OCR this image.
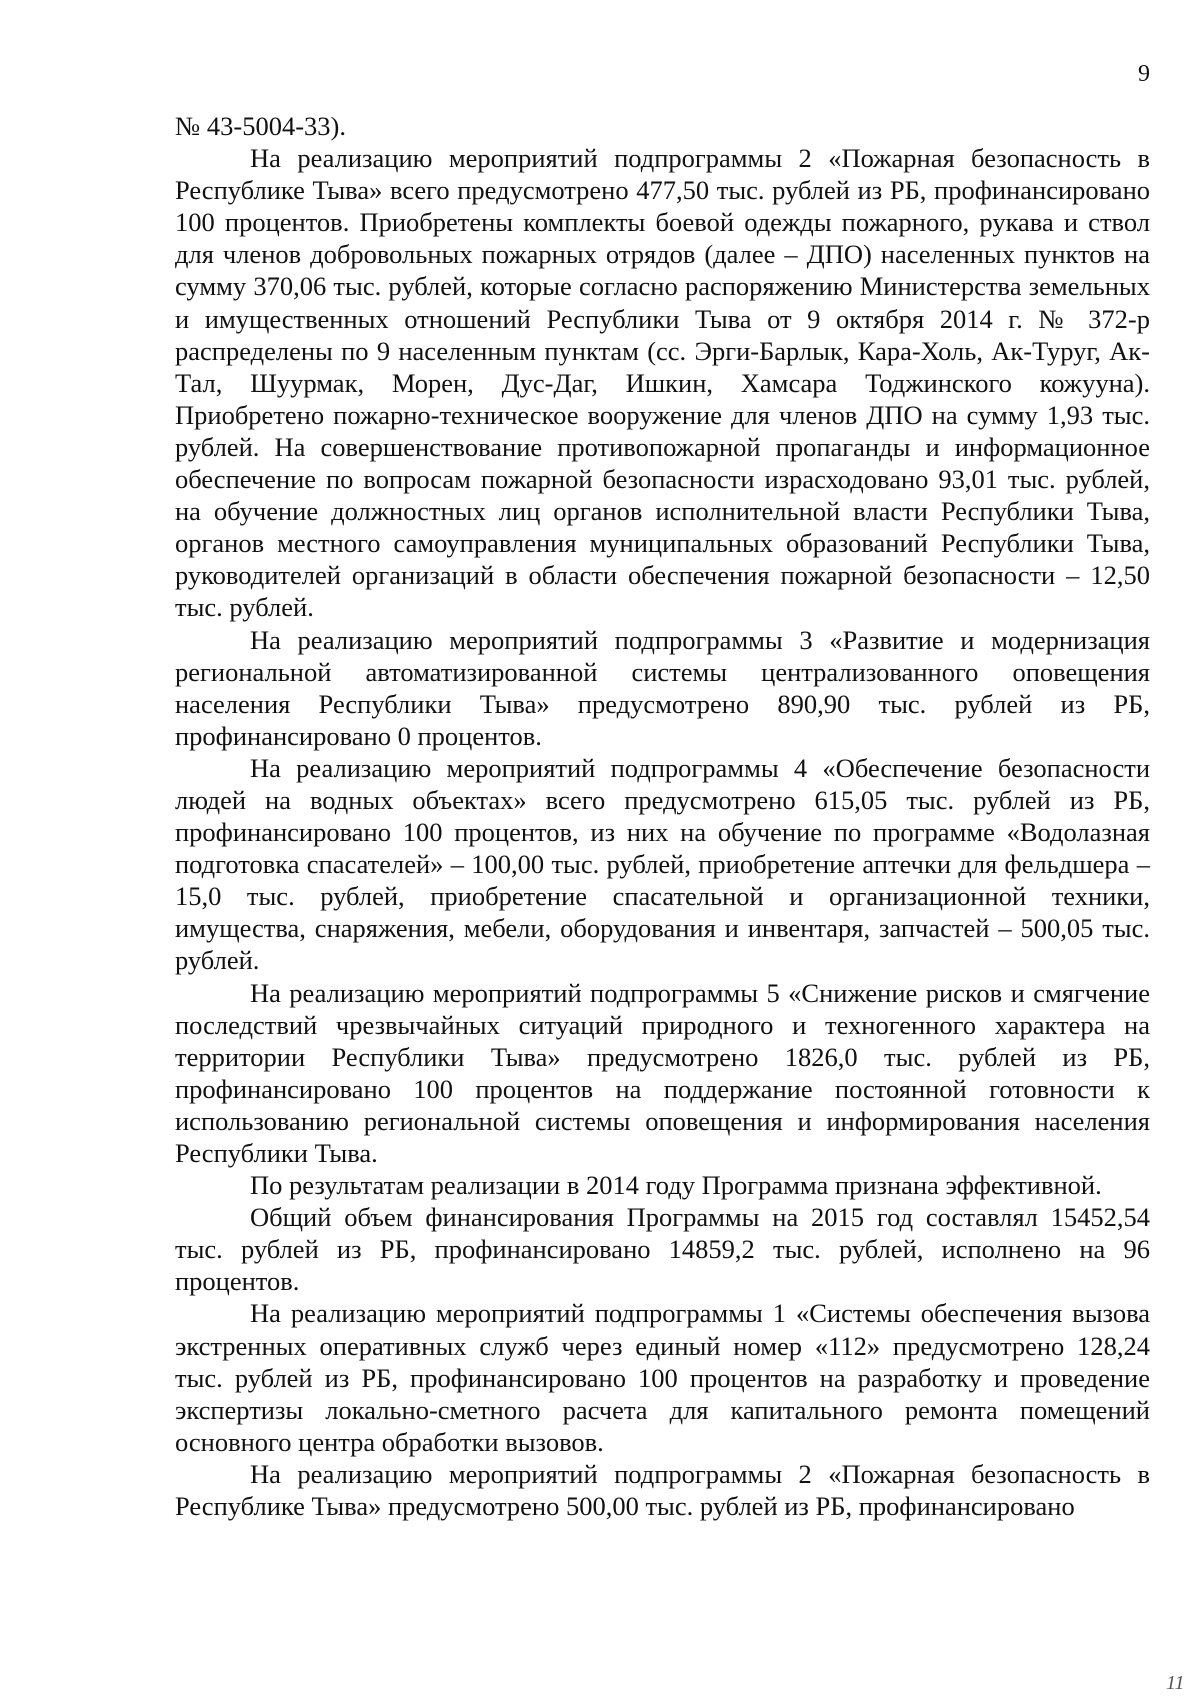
9

№ 43-5004-33).

На реализацию мероприятий подпрограммы 2 «Пожарная безопасность в Республике Тыва» всего предусмотрено 477,50 тыс. рублей из РБ, профинансировано 100 процентов. Приобретены комплекты боевой одежды пожарного, рукава и ствол для членов добровольных пожарных отрядов (далее – ДПО) населенных пунктов на сумму 370,06 тыс. рублей, которые согласно распоряжению Министерства земельных и имущественных отношений Республики Тыва от 9 октября 2014 г. № 372-р распределены по 9 населенным пунктам (сс. Эрги-Барлык, Кара-Холь, Ак-Туруг, Ак-Тал, Шуурмак, Морен, Дус-Даг, Ишкин, Хамсара Тоджинского кожууна). Приобретено пожарно-техническое вооружение для членов ДПО на сумму 1,93 тыс. рублей. На совершенствование противопожарной пропаганды и информационное обеспечение по вопросам пожарной безопасности израсходовано 93,01 тыс. рублей, на обучение должностных лиц органов исполнительной власти Республики Тыва, органов местного самоуправления муниципальных образований Республики Тыва, руководителей организаций в области обеспечения пожарной безопасности – 12,50 тыс. рублей.

На реализацию мероприятий подпрограммы 3 «Развитие и модернизация региональной автоматизированной системы централизованного оповещения населения Республики Тыва» предусмотрено 890,90 тыс. рублей из РБ, профинансировано 0 процентов.

На реализацию мероприятий подпрограммы 4 «Обеспечение безопасности людей на водных объектах» всего предусмотрено 615,05 тыс. рублей из РБ, профинансировано 100 процентов, из них на обучение по программе «Водолазная подготовка спасателей» – 100,00 тыс. рублей, приобретение аптечки для фельдшера – 15,0 тыс. рублей, приобретение спасательной и организационной техники, имущества, снаряжения, мебели, оборудования и инвентаря, запчастей – 500,05 тыс. рублей.

На реализацию мероприятий подпрограммы 5 «Снижение рисков и смягчение последствий чрезвычайных ситуаций природного и техногенного характера на территории Республики Тыва» предусмотрено 1826,0 тыс. рублей из РБ, профинансировано 100 процентов на поддержание постоянной готовности к использованию региональной системы оповещения и информирования населения Республики Тыва.

По результатам реализации в 2014 году Программа признана эффективной.

Общий объем финансирования Программы на 2015 год составлял 15452,54 тыс. рублей из РБ, профинансировано 14859,2 тыс. рублей, исполнено на 96 процентов.

На реализацию мероприятий подпрограммы 1 «Системы обеспечения вызова экстренных оперативных служб через единый номер «112» предусмотрено 128,24 тыс. рублей из РБ, профинансировано 100 процентов на разработку и проведение экспертизы локально-сметного расчета для капитального ремонта помещений основного центра обработки вызовов.

На реализацию мероприятий подпрограммы 2 «Пожарная безопасность в Республике Тыва» предусмотрено 500,00 тыс. рублей из РБ, профинансировано

11
